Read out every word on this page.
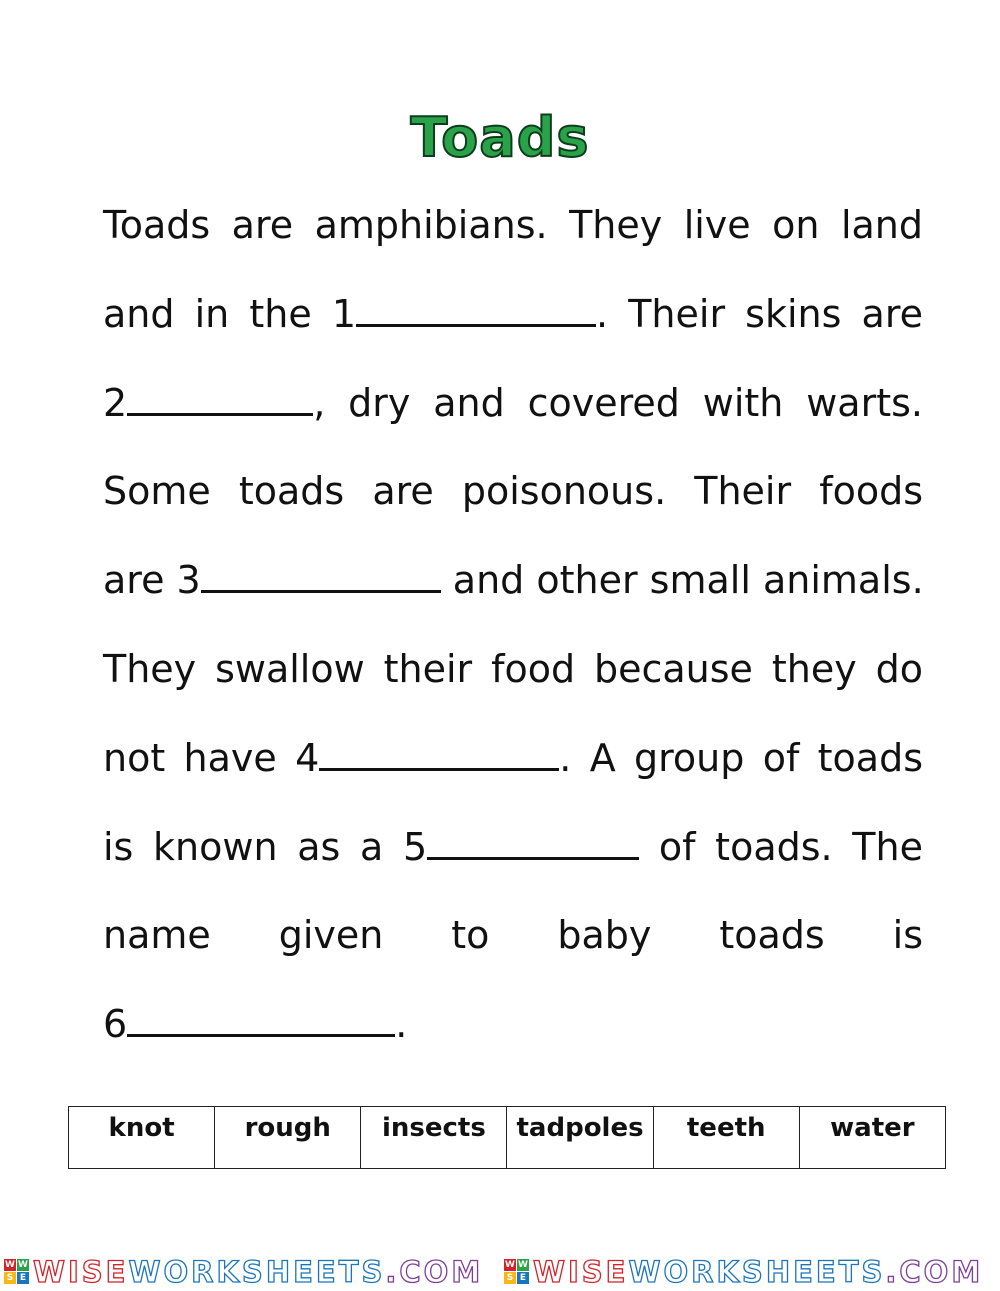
Toads
Toads are amphibians. They live on land
and in the 1	. Their skins are
2	, dry and covered with warts.
Some toads are poisonous. Their foods
are 3	and other small animals.
They swallow their food because they do
not have 4	. A group of toads
is known as a 5	of toads. The
name given to baby toads is
6	.
knot	rough	insects	tadpoles	teeth	water
W W
S E WISEWORKSHEETS.COM W W
S E WISEWORKSHEETS.COM
